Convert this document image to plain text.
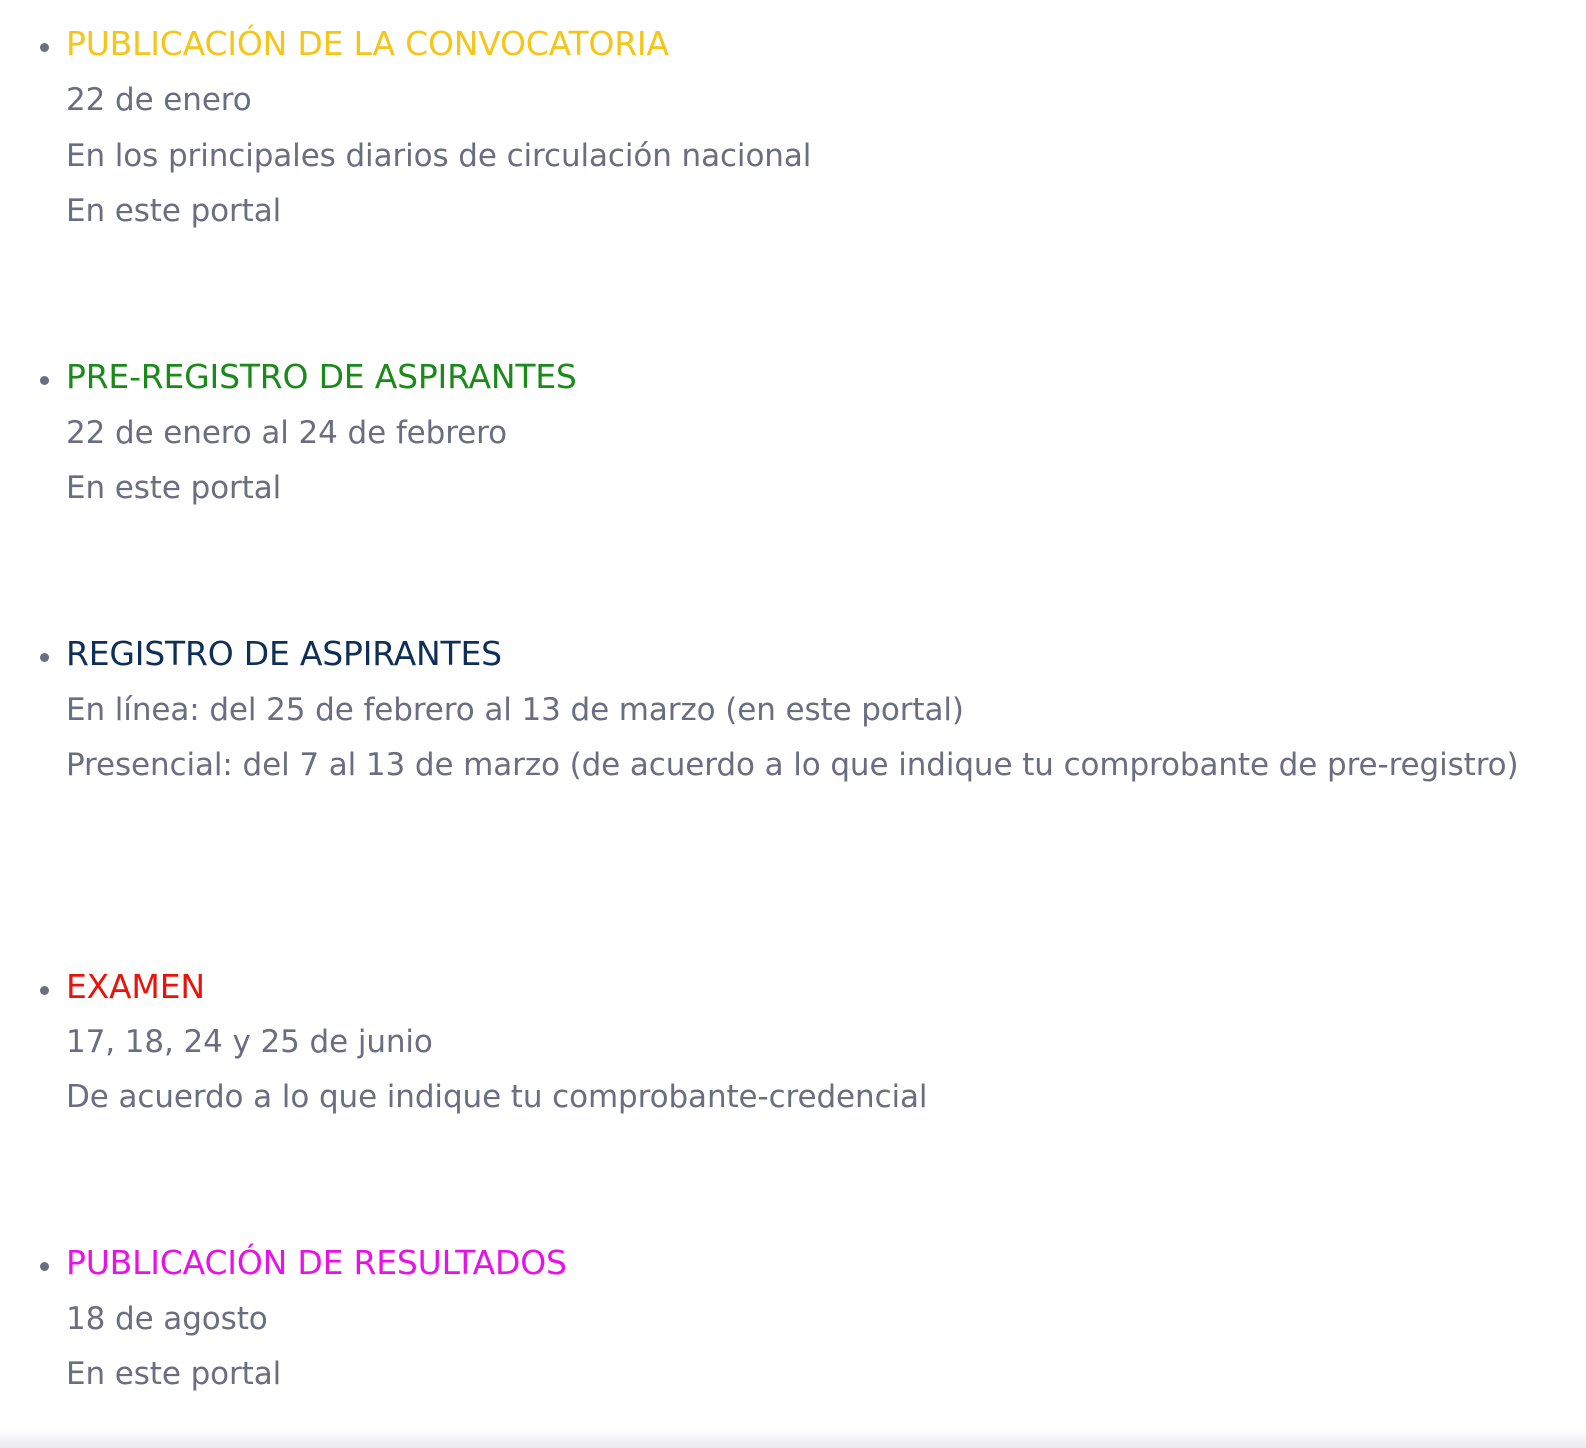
PUBLICACIÓN DE LA CONVOCATORIA
22 de enero
En los principales diarios de circulación nacional
En este portal
PRE-REGISTRO DE ASPIRANTES
22 de enero al 24 de febrero
En este portal
REGISTRO DE ASPIRANTES
En línea: del 25 de febrero al 13 de marzo (en este portal)
Presencial: del 7 al 13 de marzo (de acuerdo a lo que indique tu comprobante de pre-registro)
EXAMEN
17, 18, 24 y 25 de junio
De acuerdo a lo que indique tu comprobante-credencial
PUBLICACIÓN DE RESULTADOS
18 de agosto
En este portal
